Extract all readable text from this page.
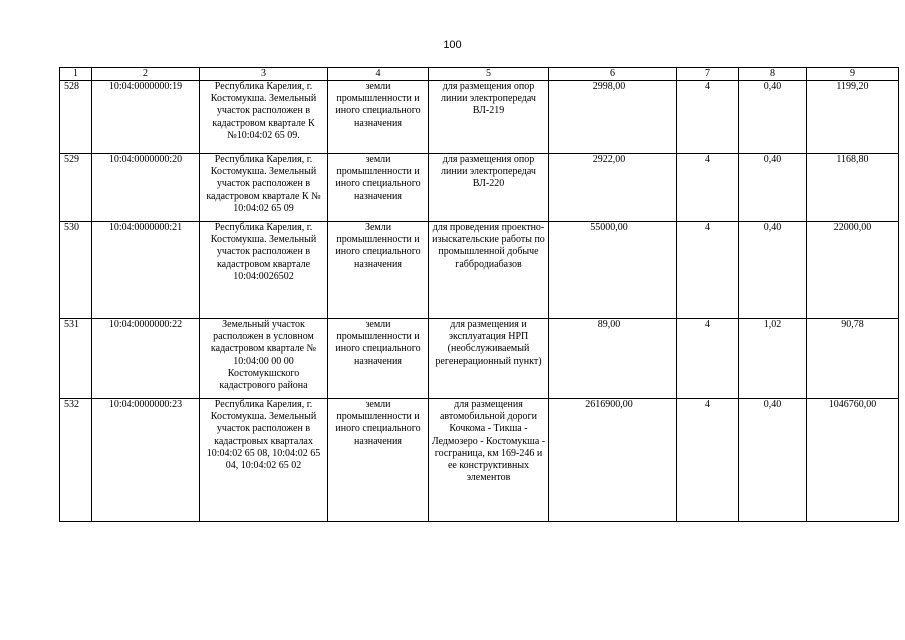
100
1	2	3	4	5	6	7	8	9
528	10:04:0000000:19	Республика Карелия, г. Костомукша. Земельный участок расположен в кадастровом квартале К №10:04:02 65 09.	земли промышленности и иного специального назначения	для размещения опор линии электропередач ВЛ-219	2998,00	4	0,40	1199,20
529	10:04:0000000:20	Республика Карелия, г. Костомукша. Земельный участок расположен в кадастровом квартале К № 10:04:02 65 09	земли промышленности и иного специального назначения	для размещения опор линии электропередач ВЛ-220	2922,00	4	0,40	1168,80
530	10:04:0000000:21	Республика Карелия, г. Костомукша. Земельный участок расположен в кадастровом квартале 10:04:0026502	Земли промышленности и иного специального назначения	для проведения проектно-изыскательские работы по промышленной добыче габбродиабазов	55000,00	4	0,40	22000,00
531	10:04:0000000:22	Земельный участок расположен в условном кадастровом квартале № 10:04:00 00 00 Костомукшского кадастрового района	земли промышленности и иного специального назначения	для размещения и эксплуатация НРП (необслуживаемый регенерационный пункт)	89,00	4	1,02	90,78
532	10:04:0000000:23	Республика Карелия, г. Костомукша. Земельный участок расположен в кадастровых кварталах 10:04:02 65 08, 10:04:02 65 04, 10:04:02 65 02	земли промышленности и иного специального назначения	для размещения автомобильной дороги Кочкома - Тикша - Ледмозеро - Костомукша - госграница, км 169-246 и ее конструктивных элементов	2616900,00	4	0,40	1046760,00
